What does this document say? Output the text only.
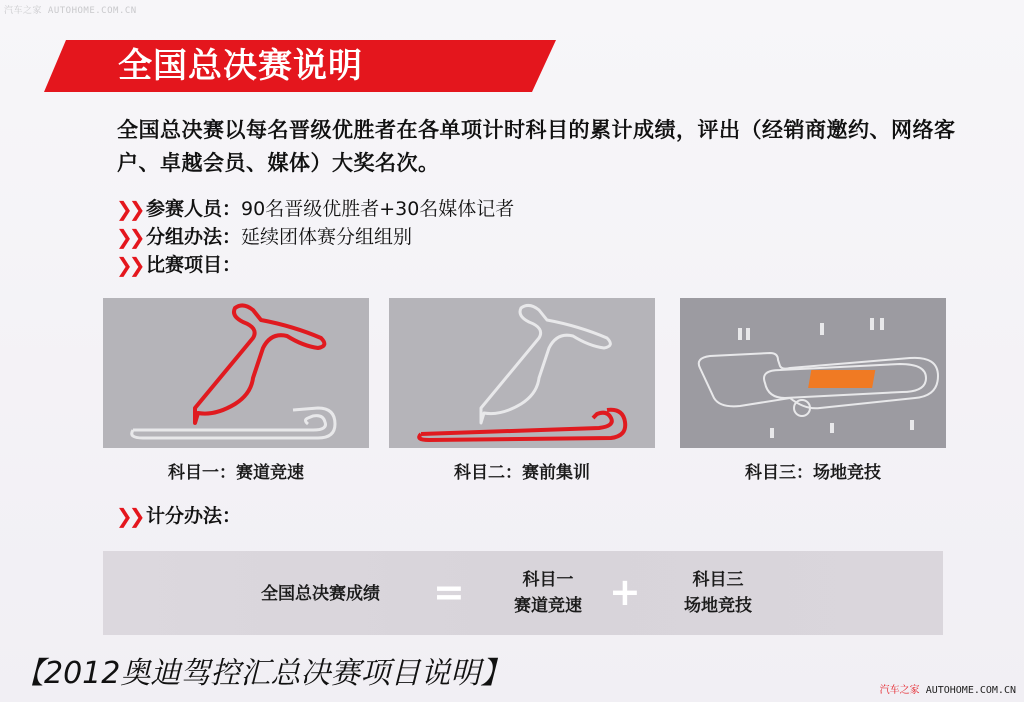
汽车之家 AUTOHOME.COM.CN
全国总决赛说明
全国总决赛以每名晋级优胜者在各单项计时科目的累计成绩，评出（经销商邀约、网络客户、卓越会员、媒体）大奖名次。
❯❯ 参赛人员 ： 90名晋级优胜者+30名媒体记者
❯❯ 分组办法 ： 延续团体赛分组组别
❯❯ 比赛项目 ：
科目一：赛道竞速	科目二：赛前集训	科目三：场地竞技
❯❯ 计分办法 ：
全国总决赛成绩 =	科目一
赛道竞速 +	科目三
场地竞技
【2012奥迪驾控汇总决赛项目说明】	汽车之家 AUTOHOME.COM.CN
